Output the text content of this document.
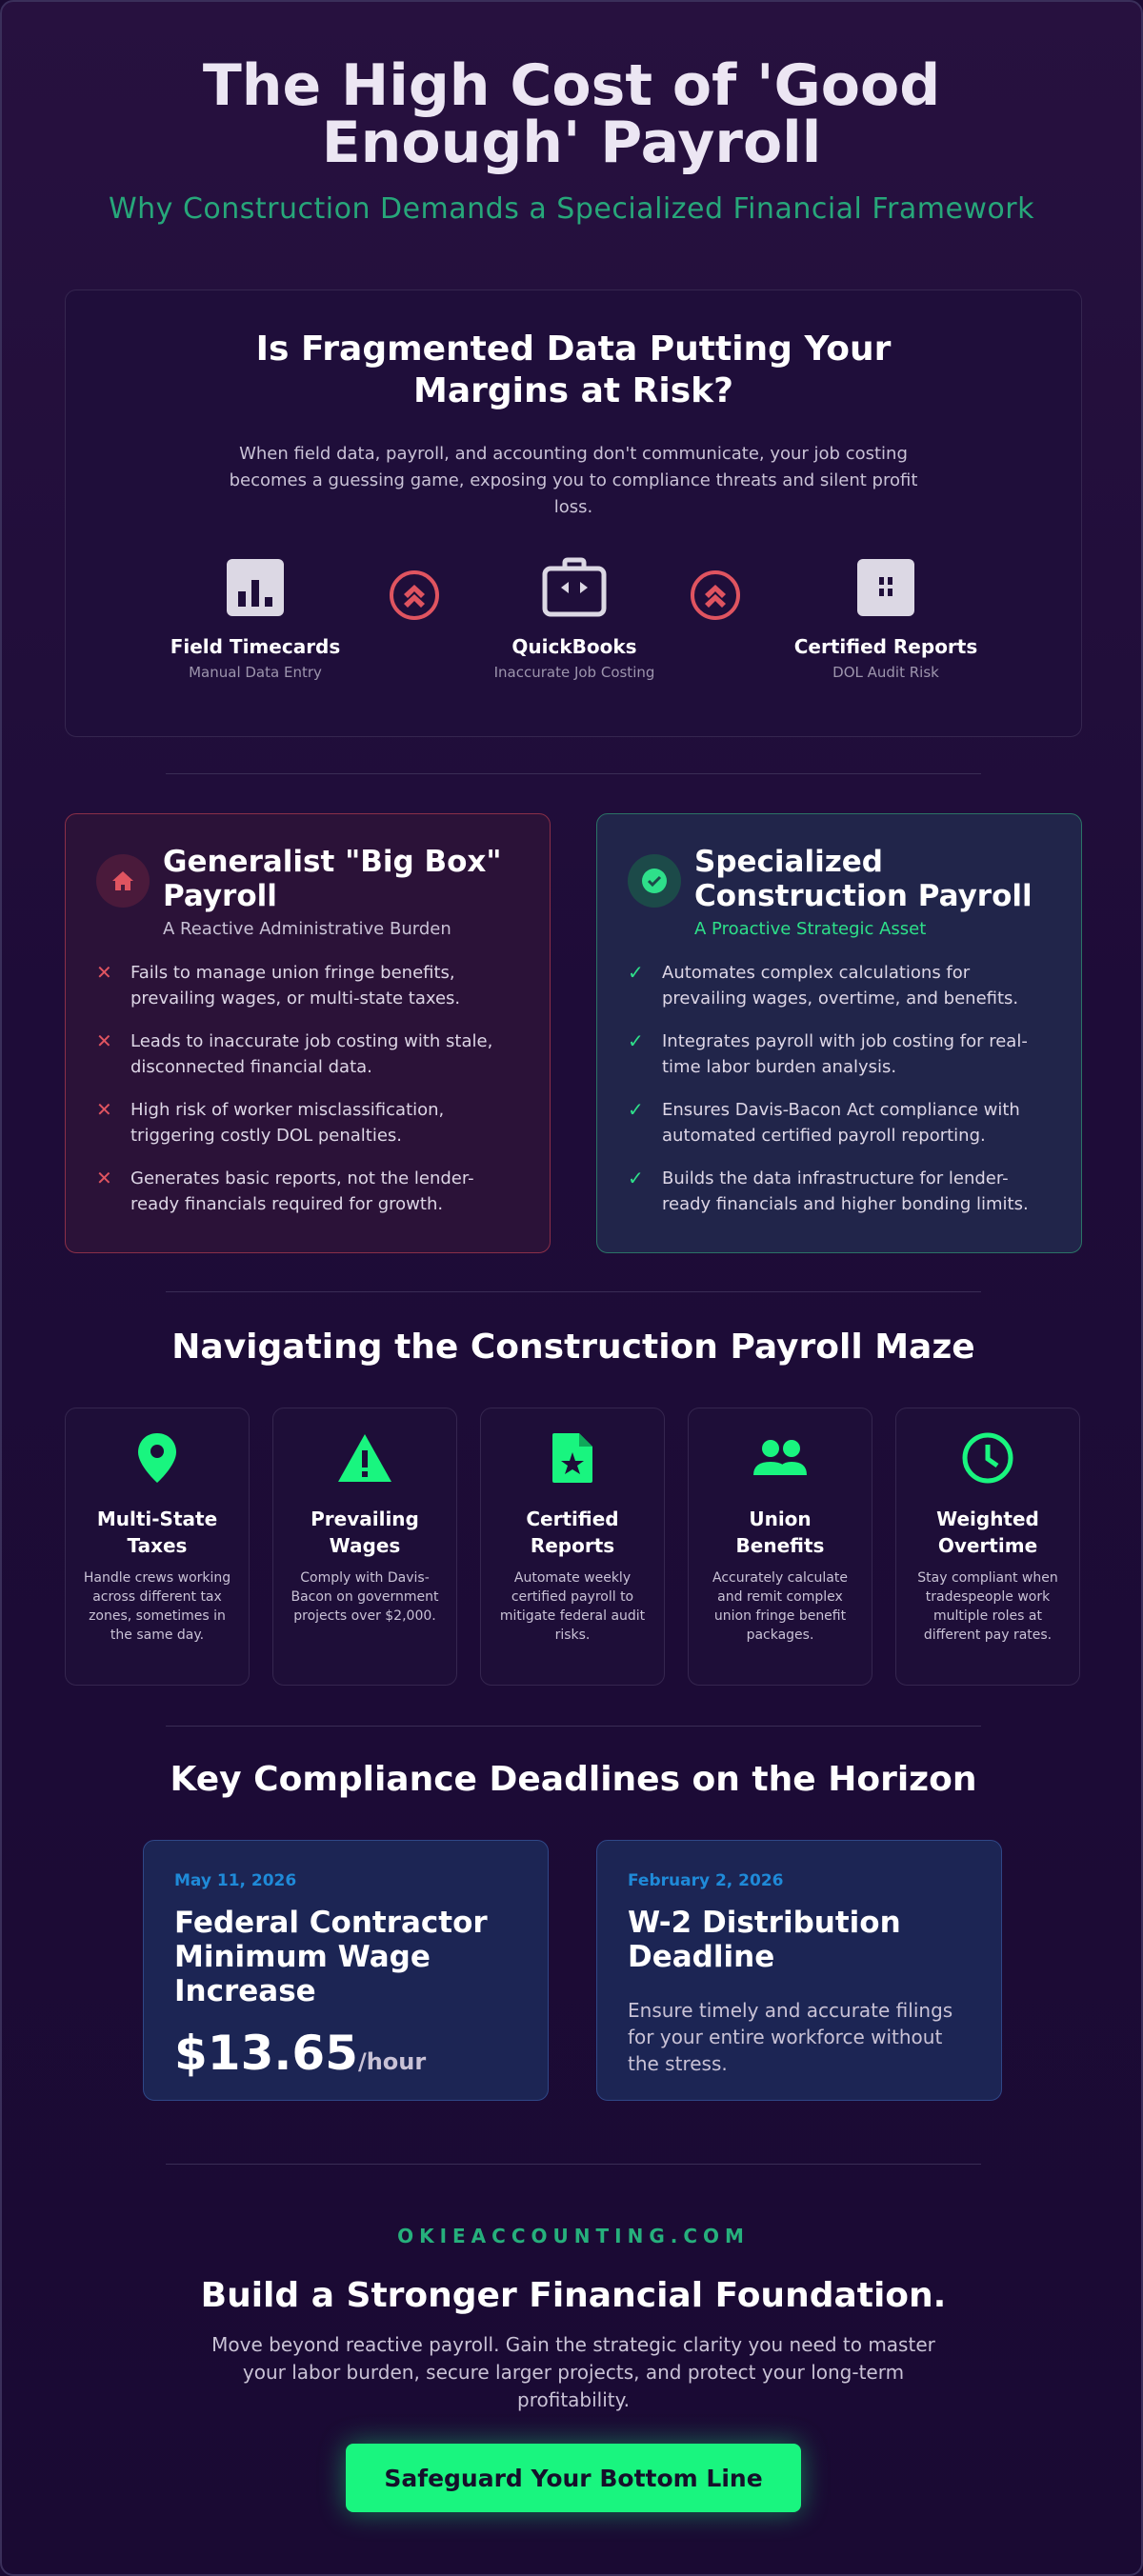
The High Cost of 'Good Enough' Payroll
Why Construction Demands a Specialized Financial Framework
Is Fragmented Data Putting Your Margins at Risk?

When field data, payroll, and accounting don't communicate, your job costing becomes a guessing game, exposing you to compliance threats and silent profit loss.

Field Timecards
Manual Data Entry
QuickBooks
Inaccurate Job Costing
Certified Reports
DOL Audit Risk
Generalist "Big Box" Payroll
A Reactive Administrative Burden
✕	Fails to manage union fringe benefits, prevailing wages, or multi-state taxes.
✕	Leads to inaccurate job costing with stale, disconnected financial data.
✕	High risk of worker misclassification, triggering costly DOL penalties.
✕	Generates basic reports, not the lender-ready financials required for growth.
Specialized Construction Payroll
A Proactive Strategic Asset
✓	Automates complex calculations for prevailing wages, overtime, and benefits.
✓	Integrates payroll with job costing for real-time labor burden analysis.
✓	Ensures Davis-Bacon Act compliance with automated certified payroll reporting.
✓	Builds the data infrastructure for lender-ready financials and higher bonding limits.
Navigating the Construction Payroll Maze
Multi-State Taxes
Handle crews working across different tax zones, sometimes in the same day.
Prevailing Wages
Comply with Davis-Bacon on government projects over $2,000.
Certified Reports
Automate weekly certified payroll to mitigate federal audit risks.
Union Benefits
Accurately calculate and remit complex union fringe benefit packages.
Weighted Overtime
Stay compliant when tradespeople work multiple roles at different pay rates.
Key Compliance Deadlines on the Horizon
May 11, 2026
Federal Contractor Minimum Wage Increase
$13.65/hour
February 2, 2026
W-2 Distribution Deadline
Ensure timely and accurate filings for your entire workforce without the stress.
OKIEACCOUNTING.COM
Build a Stronger Financial Foundation.

Move beyond reactive payroll. Gain the strategic clarity you need to master your labor burden, secure larger projects, and protect your long-term profitability.

Safeguard Your Bottom Line
